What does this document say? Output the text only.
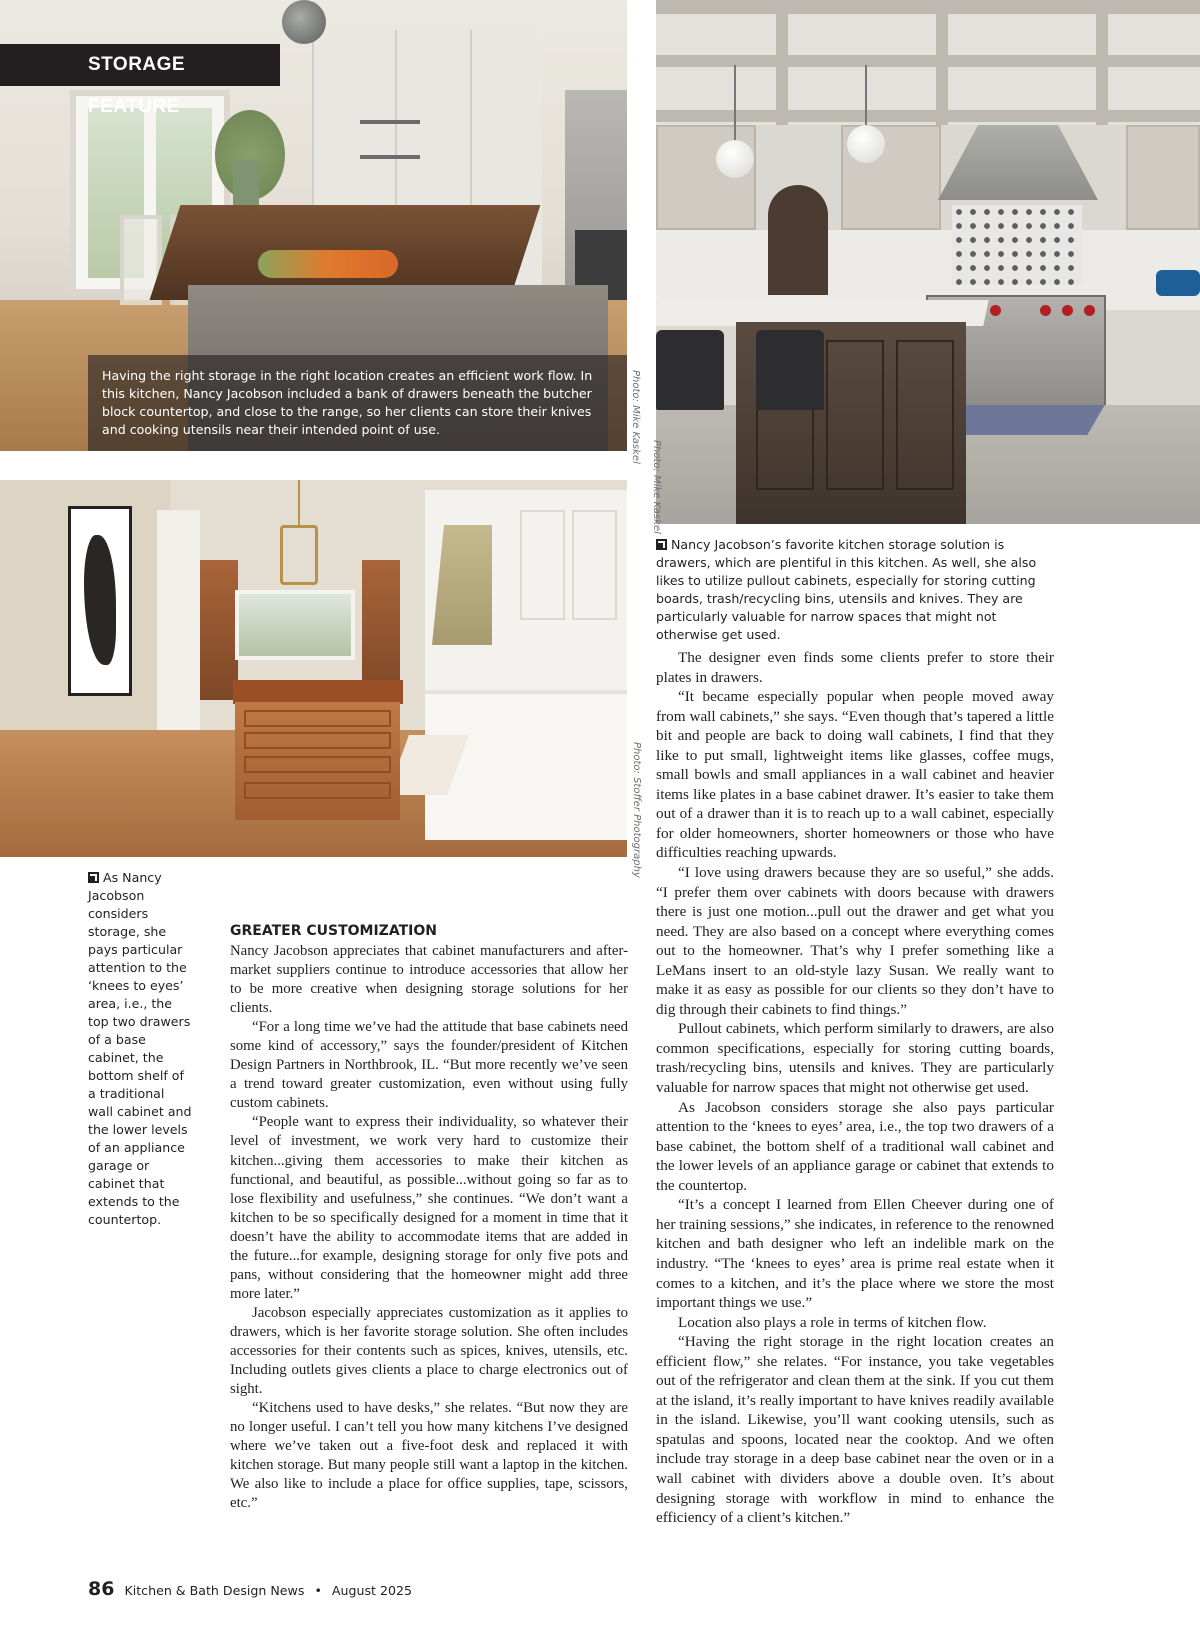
STORAGE FEATURE

Having the right storage in the right location creates an efficient work flow. In this kitchen, Nancy Jacobson included a bank of drawers beneath the butcher block countertop, and close to the range, so her clients can store their knives and cooking utensils near their intended point of use.	Photo: Mike Kaskel
Photo: Mike Kaskel
Nancy Jacobson’s favorite kitchen storage solution is drawers, which are plentiful in this kitchen. As well, she also likes to utilize pullout cabinets, especially for storing cutting boards, trash/recycling bins, utensils and knives. They are particularly valuable for narrow spaces that might not otherwise get used.
Photo: Stoffer Photography
As Nancy Jacobson considers storage, she pays particular attention to the ‘knees to eyes’ area, i.e., the top two drawers of a base cabinet, the bottom shelf of a traditional wall cabinet and the lower levels of an appliance garage or cabinet that extends to the countertop.
GREATER CUSTOMIZATION

Nancy Jacobson appreciates that cabinet manufacturers and after-market suppliers continue to introduce accessories that allow her to be more creative when designing storage solutions for her clients.

“For a long time we’ve had the attitude that base cabinets need some kind of accessory,” says the founder/president of Kitchen Design Partners in Northbrook, IL. “But more recently we’ve seen a trend toward greater customization, even without using fully custom cabinets.

“People want to express their individuality, so whatever their level of investment, we work very hard to customize their kitchen...giving them accessories to make their kitchen as functional, and beautiful, as possible...without going so far as to lose flexibility and usefulness,” she continues. “We don’t want a kitchen to be so specifically designed for a moment in time that it doesn’t have the ability to accommodate items that are added in the future...for example, designing storage for only five pots and pans, without considering that the homeowner might add three more later.”

Jacobson especially appreciates customization as it applies to drawers, which is her favorite storage solution. She often includes accessories for their contents such as spices, knives, utensils, etc. Including outlets gives clients a place to charge electronics out of sight.

“Kitchens used to have desks,” she relates. “But now they are no longer useful. I can’t tell you how many kitchens I’ve designed where we’ve taken out a five-foot desk and replaced it with kitchen storage. But many people still want a laptop in the kitchen. We also like to include a place for office supplies, tape, scissors, etc.”

The designer even finds some clients prefer to store their plates in drawers.

“It became especially popular when people moved away from wall cabinets,” she says. “Even though that’s tapered a little bit and people are back to doing wall cabinets, I find that they like to put small, lightweight items like glasses, coffee mugs, small bowls and small appliances in a wall cabinet and heavier items like plates in a base cabinet drawer. It’s easier to take them out of a drawer than it is to reach up to a wall cabinet, especially for older homeowners, shorter homeowners or those who have difficulties reaching upwards.

“I love using drawers because they are so useful,” she adds. “I prefer them over cabinets with doors because with drawers there is just one motion...pull out the drawer and get what you need. They are also based on a concept where everything comes out to the homeowner. That’s why I prefer something like a LeMans insert to an old-style lazy Susan. We really want to make it as easy as possible for our clients so they don’t have to dig through their cabinets to find things.”

Pullout cabinets, which perform similarly to drawers, are also common specifications, especially for storing cutting boards, trash/recycling bins, utensils and knives. They are particularly valuable for narrow spaces that might not otherwise get used.

As Jacobson considers storage she also pays particular attention to the ‘knees to eyes’ area, i.e., the top two drawers of a base cabinet, the bottom shelf of a traditional wall cabinet and the lower levels of an appliance garage or cabinet that extends to the countertop.

“It’s a concept I learned from Ellen Cheever during one of her training sessions,” she indicates, in reference to the renowned kitchen and bath designer who left an indelible mark on the industry. “The ‘knees to eyes’ area is prime real estate when it comes to a kitchen, and it’s the place where we store the most important things we use.”

Location also plays a role in terms of kitchen flow.

“Having the right storage in the right location creates an efficient flow,” she relates. “For instance, you take vegetables out of the refrigerator and clean them at the sink. If you cut them at the island, it’s really important to have knives readily available in the island. Likewise, you’ll want cooking utensils, such as spatulas and spoons, located near the cooktop. And we often include tray storage in a deep base cabinet near the oven or in a wall cabinet with dividers above a double oven. It’s about designing storage with workflow in mind to enhance the efficiency of a client’s kitchen.”

86 Kitchen & Bath Design News • August 2025
